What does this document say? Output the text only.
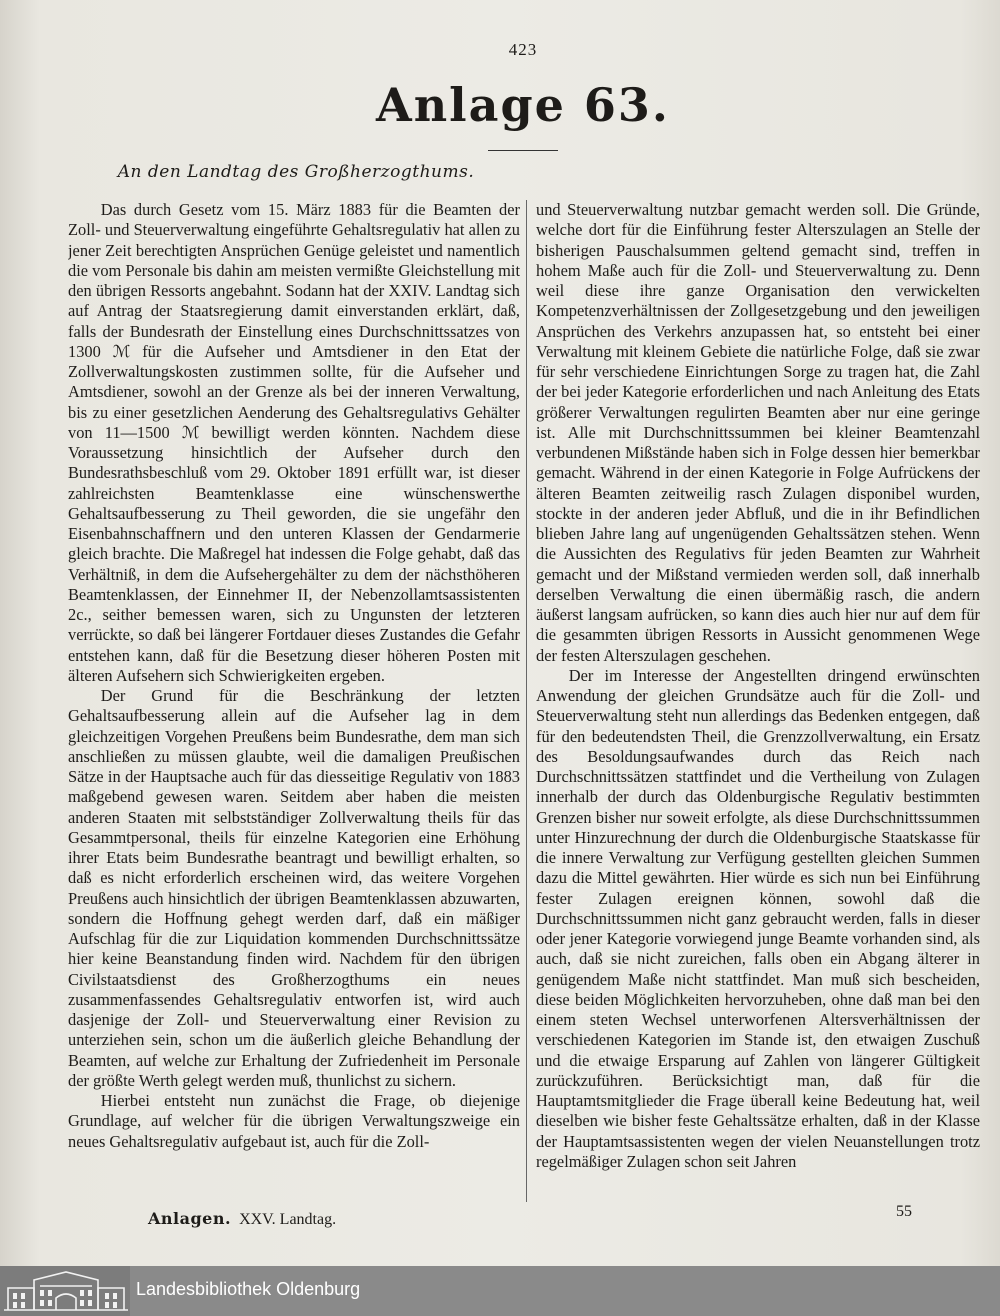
423
Anlage 63.
An den Landtag des Großherzogthums.

Das durch Gesetz vom 15. März 1883 für die Beamten der Zoll- und Steuerverwaltung eingeführte Gehaltsregulativ hat allen zu jener Zeit berechtigten Ansprüchen Genüge geleistet und namentlich die vom Personale bis dahin am meisten vermißte Gleichstellung mit den übrigen Ressorts angebahnt. Sodann hat der XXIV. Landtag sich auf Antrag der Staatsregierung damit einverstanden erklärt, daß, falls der Bundesrath der Einstellung eines Durchschnittssatzes von 1300 ℳ für die Aufseher und Amtsdiener in den Etat der Zollverwaltungskosten zustimmen sollte, für die Aufseher und Amtsdiener, sowohl an der Grenze als bei der inneren Verwaltung, bis zu einer gesetzlichen Aenderung des Gehaltsregulativs Gehälter von 11—1500 ℳ bewilligt werden könnten. Nachdem diese Voraussetzung hinsichtlich der Aufseher durch den Bundesrathsbeschluß vom 29. Oktober 1891 erfüllt war, ist dieser zahlreichsten Beamtenklasse eine wünschenswerthe Gehaltsaufbesserung zu Theil geworden, die sie ungefähr den Eisenbahnschaffnern und den unteren Klassen der Gendarmerie gleich brachte. Die Maßregel hat indessen die Folge gehabt, daß das Verhältniß, in dem die Aufsehergehälter zu dem der nächsthöheren Beamtenklassen, der Einnehmer II, der Nebenzollamtsassistenten 2c., seither bemessen waren, sich zu Ungunsten der letzteren verrückte, so daß bei längerer Fortdauer dieses Zustandes die Gefahr entstehen kann, daß für die Besetzung dieser höheren Posten mit älteren Aufsehern sich Schwierigkeiten ergeben.

Der Grund für die Beschränkung der letzten Gehaltsaufbesserung allein auf die Aufseher lag in dem gleichzeitigen Vorgehen Preußens beim Bundesrathe, dem man sich anschließen zu müssen glaubte, weil die damaligen Preußischen Sätze in der Hauptsache auch für das diesseitige Regulativ von 1883 maßgebend gewesen waren. Seitdem aber haben die meisten anderen Staaten mit selbstständiger Zollverwaltung theils für das Gesammtpersonal, theils für einzelne Kategorien eine Erhöhung ihrer Etats beim Bundesrathe beantragt und bewilligt erhalten, so daß es nicht erforderlich erscheinen wird, das weitere Vorgehen Preußens auch hinsichtlich der übrigen Beamtenklassen abzuwarten, sondern die Hoffnung gehegt werden darf, daß ein mäßiger Aufschlag für die zur Liquidation kommenden Durchschnittssätze hier keine Beanstandung finden wird. Nachdem für den übrigen Civilstaatsdienst des Großherzogthums ein neues zusammenfassendes Gehaltsregulativ entworfen ist, wird auch dasjenige der Zoll- und Steuerverwaltung einer Revision zu unterziehen sein, schon um die äußerlich gleiche Behandlung der Beamten, auf welche zur Erhaltung der Zufriedenheit im Personale der größte Werth gelegt werden muß, thunlichst zu sichern.

Hierbei entsteht nun zunächst die Frage, ob diejenige Grundlage, auf welcher für die übrigen Verwaltungszweige ein neues Gehaltsregulativ aufgebaut ist, auch für die Zoll-

und Steuerverwaltung nutzbar gemacht werden soll. Die Gründe, welche dort für die Einführung fester Alterszulagen an Stelle der bisherigen Pauschalsummen geltend gemacht sind, treffen in hohem Maße auch für die Zoll- und Steuerverwaltung zu. Denn weil diese ihre ganze Organisation den verwickelten Kompetenzverhältnissen der Zollgesetzgebung und den jeweiligen Ansprüchen des Verkehrs anzupassen hat, so entsteht bei einer Verwaltung mit kleinem Gebiete die natürliche Folge, daß sie zwar für sehr verschiedene Einrichtungen Sorge zu tragen hat, die Zahl der bei jeder Kategorie erforderlichen und nach Anleitung des Etats größerer Verwaltungen regulirten Beamten aber nur eine geringe ist. Alle mit Durchschnittssummen bei kleiner Beamtenzahl verbundenen Mißstände haben sich in Folge dessen hier bemerkbar gemacht. Während in der einen Kategorie in Folge Aufrückens der älteren Beamten zeitweilig rasch Zulagen disponibel wurden, stockte in der anderen jeder Abfluß, und die in ihr Befindlichen blieben Jahre lang auf ungenügenden Gehaltssätzen stehen. Wenn die Aussichten des Regulativs für jeden Beamten zur Wahrheit gemacht und der Mißstand vermieden werden soll, daß innerhalb derselben Verwaltung die einen übermäßig rasch, die andern äußerst langsam aufrücken, so kann dies auch hier nur auf dem für die gesammten übrigen Ressorts in Aussicht genommenen Wege der festen Alterszulagen geschehen.

Der im Interesse der Angestellten dringend erwünschten Anwendung der gleichen Grundsätze auch für die Zoll- und Steuerverwaltung steht nun allerdings das Bedenken entgegen, daß für den bedeutendsten Theil, die Grenzzollverwaltung, ein Ersatz des Besoldungsaufwandes durch das Reich nach Durchschnittssätzen stattfindet und die Vertheilung von Zulagen innerhalb der durch das Oldenburgische Regulativ bestimmten Grenzen bisher nur soweit erfolgte, als diese Durchschnittssummen unter Hinzurechnung der durch die Oldenburgische Staatskasse für die innere Verwaltung zur Verfügung gestellten gleichen Summen dazu die Mittel gewährten. Hier würde es sich nun bei Einführung fester Zulagen ereignen können, sowohl daß die Durchschnittssummen nicht ganz gebraucht werden, falls in dieser oder jener Kategorie vorwiegend junge Beamte vorhanden sind, als auch, daß sie nicht zureichen, falls oben ein Abgang älterer in genügendem Maße nicht stattfindet. Man muß sich bescheiden, diese beiden Möglichkeiten hervorzuheben, ohne daß man bei den einem steten Wechsel unterworfenen Altersverhältnissen der verschiedenen Kategorien im Stande ist, den etwaigen Zuschuß und die etwaige Ersparung auf Zahlen von längerer Gültigkeit zurückzuführen. Berücksichtigt man, daß für die Hauptamtsmitglieder die Frage überall keine Bedeutung hat, weil dieselben wie bisher feste Gehaltssätze erhalten, daß in der Klasse der Hauptamtsassistenten wegen der vielen Neuanstellungen trotz regelmäßiger Zulagen schon seit Jahren

Anlagen. XXV. Landtag.	55
Landesbibliothek Oldenburg
